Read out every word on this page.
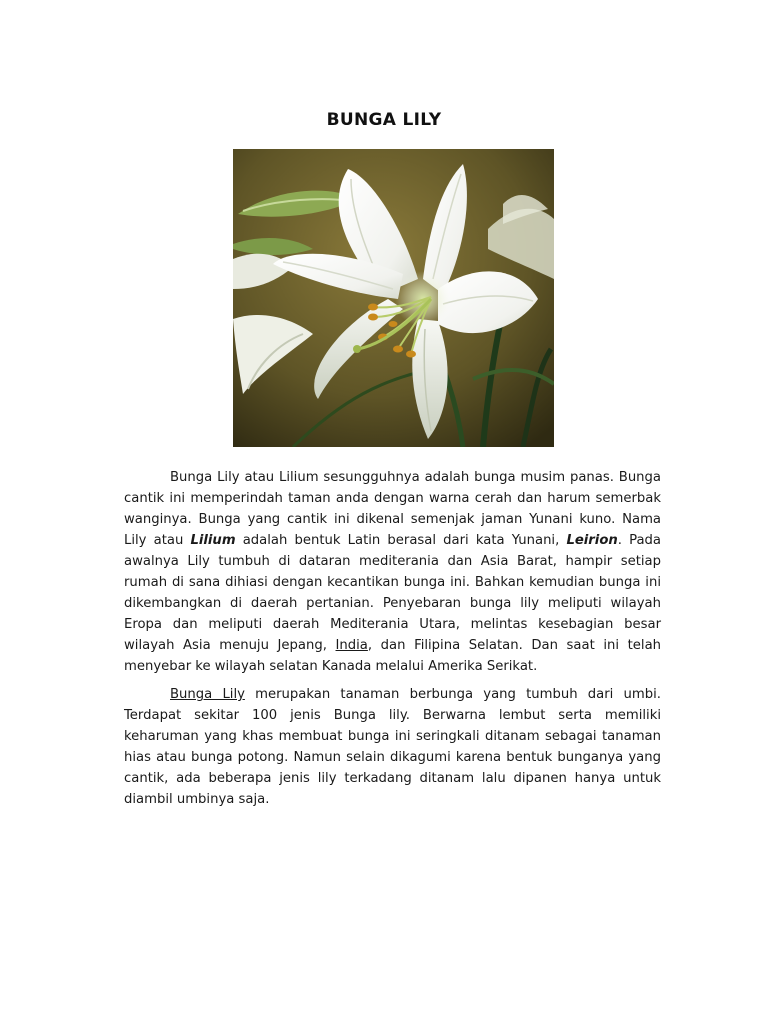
BUNGA LILY

Bunga Lily atau Lilium sesungguhnya adalah bunga musim panas. Bunga cantik ini memperindah taman anda dengan warna cerah dan harum semerbak wanginya. Bunga yang cantik ini dikenal semenjak jaman Yunani kuno. Nama Lily atau Lilium adalah bentuk Latin berasal dari kata Yunani, Leirion. Pada awalnya Lily tumbuh di dataran mediterania dan Asia Barat, hampir setiap rumah di sana dihiasi dengan kecantikan bunga ini. Bahkan kemudian bunga ini dikembangkan di daerah pertanian. Penyebaran bunga lily meliputi wilayah Eropa dan meliputi daerah Mediterania Utara, melintas kesebagian besar wilayah Asia menuju Jepang, India, dan Filipina Selatan. Dan saat ini telah menyebar ke wilayah selatan Kanada melalui Amerika Serikat.

Bunga Lily merupakan tanaman berbunga yang tumbuh dari umbi. Terdapat sekitar 100 jenis Bunga lily. Berwarna lembut serta memiliki keharuman yang khas membuat bunga ini seringkali ditanam sebagai tanaman hias atau bunga potong. Namun selain dikagumi karena bentuk bunganya yang cantik, ada beberapa jenis lily terkadang ditanam lalu dipanen hanya untuk diambil umbinya saja.
